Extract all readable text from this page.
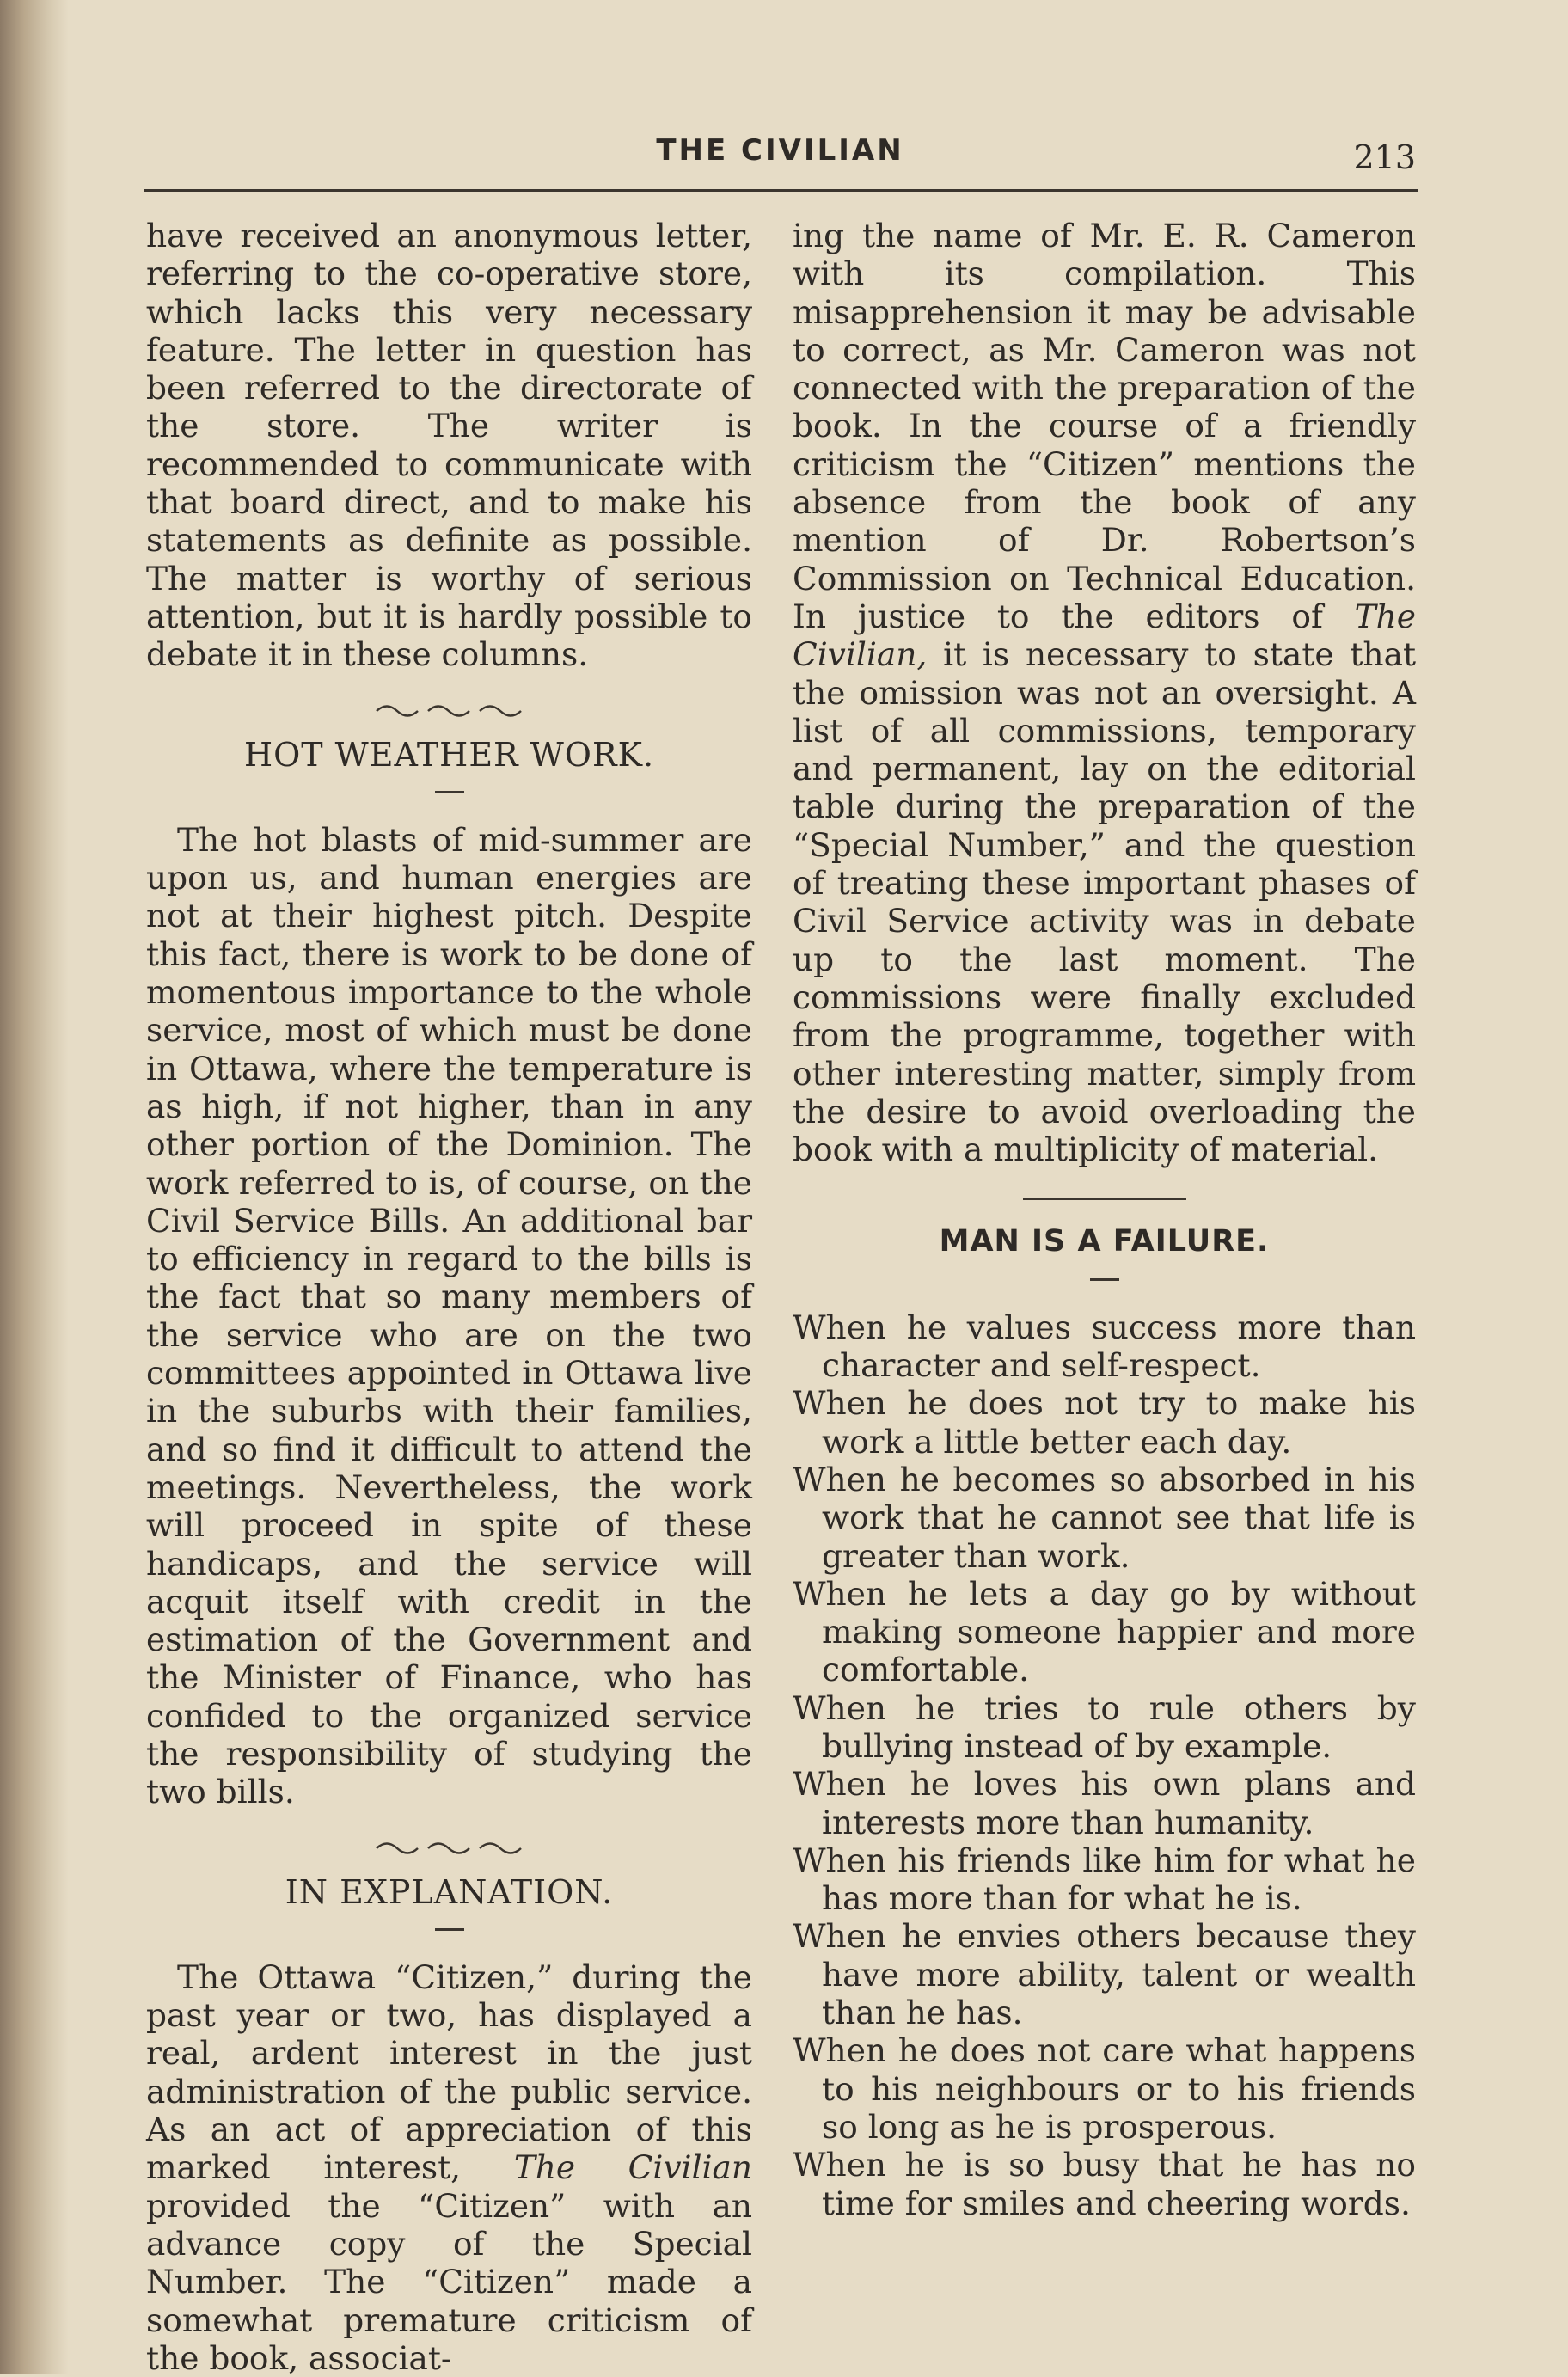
THE CIVILIAN	213

have received an anonymous letter, referring to the co-operative store, which lacks this very necessary feature. The letter in question has been referred to the directorate of the store. The writer is recommended to communicate with that board direct, and to make his statements as definite as possible. The matter is worthy of serious attention, but it is hardly possible to debate it in these columns.

HOT WEATHER WORK.

The hot blasts of mid-summer are upon us, and human energies are not at their highest pitch. Despite this fact, there is work to be done of momentous importance to the whole service, most of which must be done in Ottawa, where the temperature is as high, if not higher, than in any other portion of the Dominion. The work referred to is, of course, on the Civil Service Bills. An additional bar to efficiency in regard to the bills is the fact that so many members of the service who are on the two committees appointed in Ottawa live in the suburbs with their families, and so find it difficult to attend the meetings. Nevertheless, the work will proceed in spite of these handicaps, and the service will acquit itself with credit in the estimation of the Government and the Minister of Finance, who has confided to the organized service the responsibility of studying the two bills.

IN EXPLANATION.

The Ottawa “Citizen,” during the past year or two, has displayed a real, ardent interest in the just administration of the public service. As an act of appreciation of this marked interest, The Civilian provided the “Citizen” with an advance copy of the Special Number. The “Citizen” made a somewhat premature criticism of the book, associat-

ing the name of Mr. E. R. Cameron with its compilation. This misapprehension it may be advisable to correct, as Mr. Cameron was not connected with the preparation of the book. In the course of a friendly criticism the “Citizen” mentions the absence from the book of any mention of Dr. Robertson’s Commission on Technical Education. In justice to the editors of The Civilian, it is necessary to state that the omission was not an oversight. A list of all commissions, temporary and permanent, lay on the editorial table during the preparation of the “Special Number,” and the question of treating these important phases of Civil Service activity was in debate up to the last moment. The commissions were finally excluded from the programme, together with other interesting matter, simply from the desire to avoid overloading the book with a multiplicity of material.

MAN IS A FAILURE.

When he values success more than character and self-respect.

When he does not try to make his work a little better each day.

When he becomes so absorbed in his work that he cannot see that life is greater than work.

When he lets a day go by without making someone happier and more comfortable.

When he tries to rule others by bullying instead of by example.

When he loves his own plans and interests more than humanity.

When his friends like him for what he has more than for what he is.

When he envies others because they have more ability, talent or wealth than he has.

When he does not care what happens to his neighbours or to his friends so long as he is prosperous.

When he is so busy that he has no time for smiles and cheering words.
